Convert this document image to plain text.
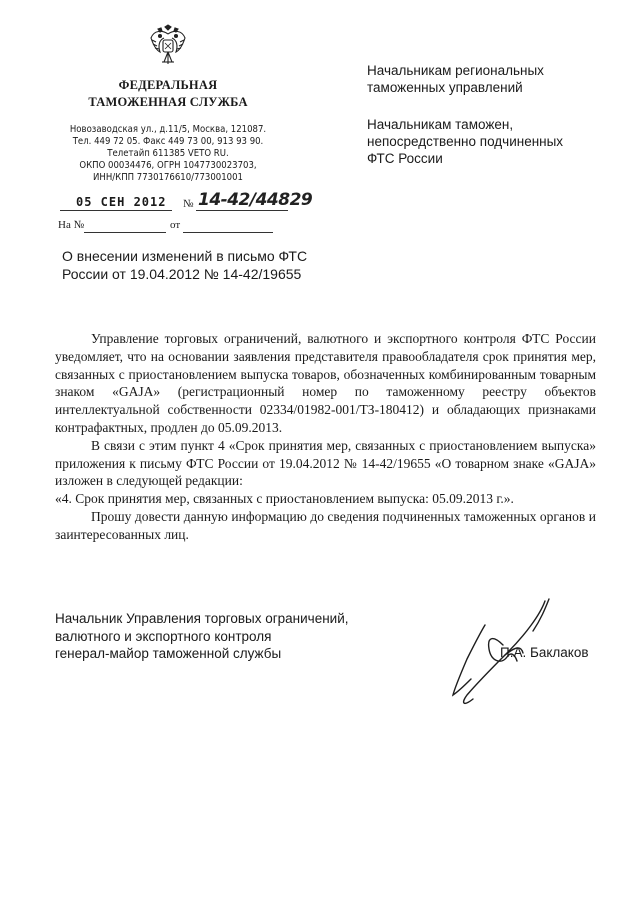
ФЕДЕРАЛЬНАЯ
ТАМОЖЕННАЯ СЛУЖБА
Новозаводская ул., д.11/5, Москва, 121087.
Тел. 449 72 05. Факс 449 73 00, 913 93 90.
Телетайп 611385 VETO RU.
ОКПО 00034476, ОГРН 1047730023703,
ИНН/КПП 7730176610/773001001
05 СЕН 2012 № 14-42/44829
На №	от
Начальникам региональных
таможенных управлений
Начальникам таможен,
непосредственно подчиненных
ФТС России
О внесении изменений в письмо ФТС
России от 19.04.2012 № 14-42/19655

Управление торговых ограничений, валютного и экспортного контроля ФТС России уведомляет, что на основании заявления представителя правообладателя срок принятия мер, связанных с приостановлением выпуска товаров, обозначенных комбинированным товарным знаком «GAJA» (регистрационный номер по таможенному реестру объектов интеллектуальной собственности 02334/01982-001/ТЗ-180412) и обладающих признаками контрафактных, продлен до 05.09.2013.

В связи с этим пункт 4 «Срок принятия мер, связанных с приостановлением выпуска» приложения к письму ФТС России от 19.04.2012 № 14-42/19655 «О товарном знаке «GAJA» изложен в следующей редакции:

«4. Срок принятия мер, связанных с приостановлением выпуска: 05.09.2013 г.».

Прошу довести данную информацию до сведения подчиненных таможенных органов и заинтересованных лиц.

Начальник Управления торговых ограничений,
валютного и экспортного контроля
генерал-майор таможенной службы	П.А. Баклаков
